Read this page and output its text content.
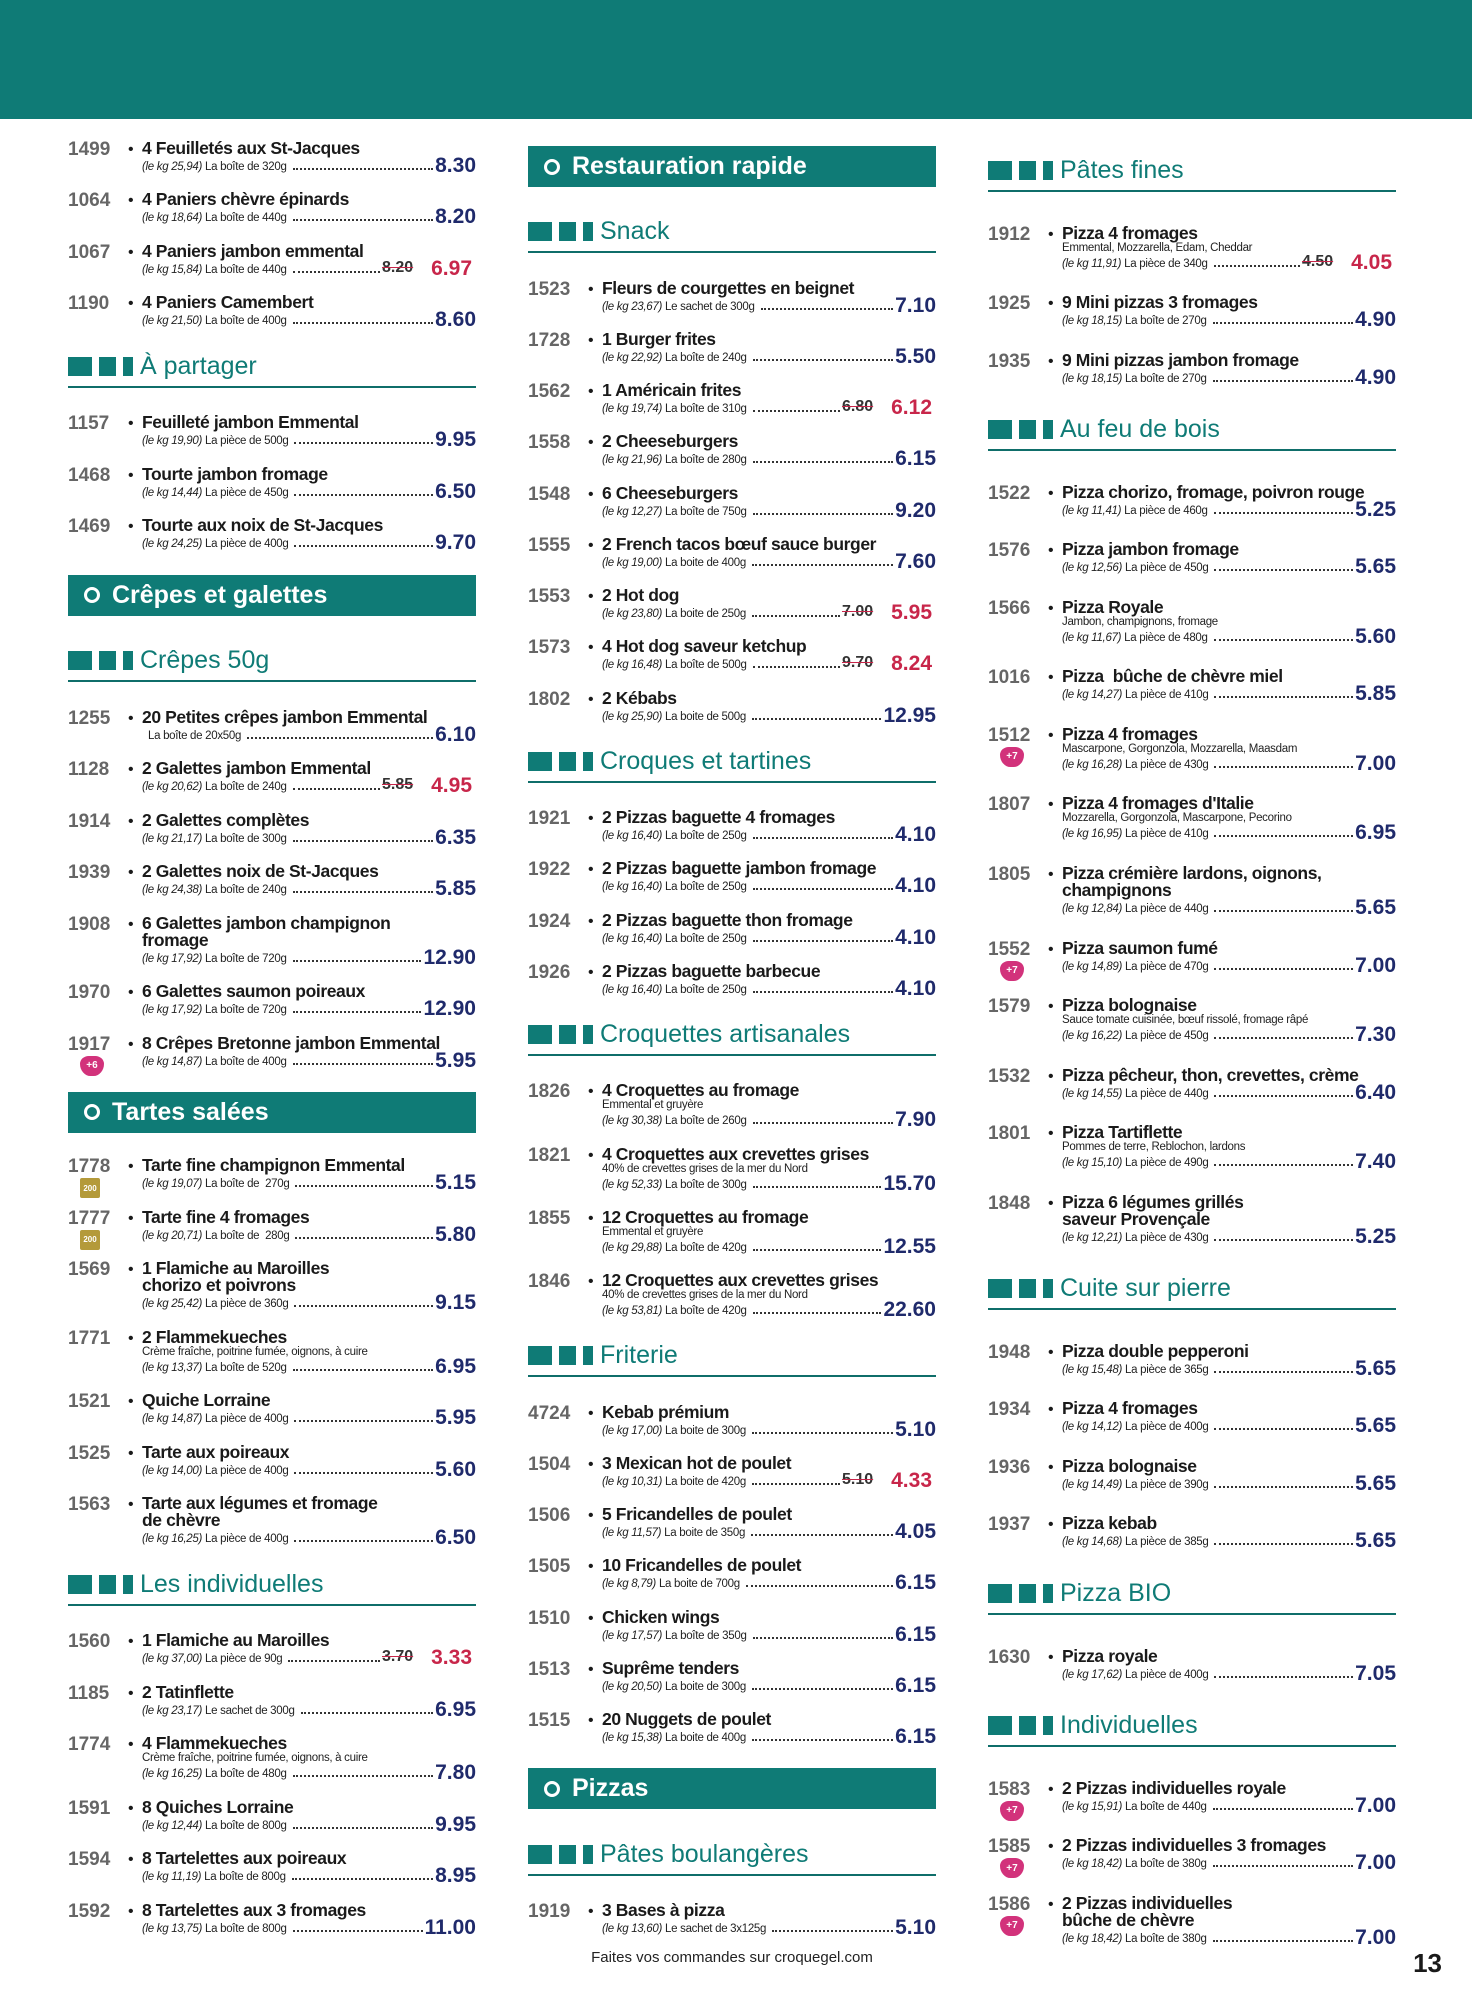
1499	• 4 Feuilletés aux St-Jacques
(le kg 25,94) La boîte de 320g	8.30
1064	• 4 Paniers chèvre épinards
(le kg 18,64) La boîte de 440g	8.20
1067	• 4 Paniers jambon emmental
(le kg 15,84) La boîte de 440g	8.20 6.97
1190	• 4 Paniers Camembert
(le kg 21,50) La boîte de 400g	8.60
À partager
1157	• Feuilleté jambon Emmental
(le kg 19,90) La pièce de 500g	9.95
1468	• Tourte jambon fromage
(le kg 14,44) La pièce de 450g	6.50
1469	• Tourte aux noix de St-Jacques
(le kg 24,25) La pièce de 400g	9.70
Crêpes et galettes
Crêpes 50g
1255	• 20 Petites crêpes jambon Emmental
La boîte de 20x50g	6.10
1128	• 2 Galettes jambon Emmental
(le kg 20,62) La boîte de 240g	5.85 4.95
1914	• 2 Galettes complètes
(le kg 21,17) La boîte de 300g	6.35
1939	• 2 Galettes noix de St-Jacques
(le kg 24,38) La boîte de 240g	5.85
1908	• 6 Galettes jambon champignon
fromage
(le kg 17,92) La boîte de 720g	12.90
1970	• 6 Galettes saumon poireaux
(le kg 17,92) La boîte de 720g	12.90
1917	•
+6
8 Crêpes Bretonne jambon Emmental
(le kg 14,87) La boîte de 400g	5.95
Tartes salées
1778	•
200
Tarte fine champignon Emmental
(le kg 19,07) La boîte de  270g	5.15
1777	•
200
Tarte fine 4 fromages
(le kg 20,71) La boîte de  280g	5.80
1569	• 1 Flamiche au Maroilles
chorizo et poivrons
(le kg 25,42) La pièce de 360g	9.15
1771	• 2 Flammekueches
Crème fraîche, poitrine fumée, oignons, à cuire
(le kg 13,37) La boîte de 520g	6.95
1521	• Quiche Lorraine
(le kg 14,87) La pièce de 400g	5.95
1525	• Tarte aux poireaux
(le kg 14,00) La pièce de 400g	5.60
1563	• Tarte aux légumes et fromage
de chèvre
(le kg 16,25) La pièce de 400g	6.50
Les individuelles
1560	• 1 Flamiche au Maroilles
(le kg 37,00) La pièce de 90g	3.70 3.33
1185	• 2 Tatinflette
(le kg 23,17) Le sachet de 300g	6.95
1774	• 4 Flammekueches
Crème fraîche, poitrine fumée, oignons, à cuire
(le kg 16,25) La boîte de 480g	7.80
1591	• 8 Quiches Lorraine
(le kg 12,44) La boîte de 800g	9.95
1594	• 8 Tartelettes aux poireaux
(le kg 11,19) La boîte de 800g	8.95
1592	• 8 Tartelettes aux 3 fromages
(le kg 13,75) La boîte de 800g	11.00
Restauration rapide
Snack
1523	• Fleurs de courgettes en beignet
(le kg 23,67) Le sachet de 300g	7.10
1728	• 1 Burger frites
(le kg 22,92) La boîte de 240g	5.50
1562	• 1 Américain frites
(le kg 19,74) La boîte de 310g	6.80 6.12
1558	• 2 Cheeseburgers
(le kg 21,96) La boîte de 280g	6.15
1548	• 6 Cheeseburgers
(le kg 12,27) La boîte de 750g	9.20
1555	• 2 French tacos bœuf sauce burger
(le kg 19,00) La boite de 400g	7.60
1553	• 2 Hot dog
(le kg 23,80) La boite de 250g	7.00 5.95
1573	• 4 Hot dog saveur ketchup
(le kg 16,48) La boîte de 500g	9.70 8.24
1802	• 2 Kébabs
(le kg 25,90) La boite de 500g	12.95
Croques et tartines
1921	• 2 Pizzas baguette 4 fromages
(le kg 16,40) La boîte de 250g	4.10
1922	• 2 Pizzas baguette jambon fromage
(le kg 16,40) La boîte de 250g	4.10
1924	• 2 Pizzas baguette thon fromage
(le kg 16,40) La boîte de 250g	4.10
1926	• 2 Pizzas baguette barbecue
(le kg 16,40) La boîte de 250g	4.10
Croquettes artisanales
1826	• 4 Croquettes au fromage
Emmental et gruyère
(le kg 30,38) La boîte de 260g	7.90
1821	• 4 Croquettes aux crevettes grises
40% de crevettes grises de la mer du Nord
(le kg 52,33) La boîte de 300g	15.70
1855	• 12 Croquettes au fromage
Emmental et gruyère
(le kg 29,88) La boîte de 420g	12.55
1846	• 12 Croquettes aux crevettes grises
40% de crevettes grises de la mer du Nord
(le kg 53,81) La boîte de 420g	22.60
Friterie
4724	• Kebab prémium
(le kg 17,00) La boite de 300g	5.10
1504	• 3 Mexican hot de poulet
(le kg 10,31) La boite de 420g	5.10 4.33
1506	• 5 Fricandelles de poulet
(le kg 11,57) La boite de 350g	4.05
1505	• 10 Fricandelles de poulet
(le kg 8,79) La boite de 700g	6.15
1510	• Chicken wings
(le kg 17,57) La boîte de 350g	6.15
1513	• Suprême tenders
(le kg 20,50) La boite de 300g	6.15
1515	• 20 Nuggets de poulet
(le kg 15,38) La boite de 400g	6.15
Pizzas
Pâtes boulangères
1919	• 3 Bases à pizza
(le kg 13,60) Le sachet de 3x125g	5.10
Pâtes fines
1912	• Pizza 4 fromages
Emmental, Mozzarella, Edam, Cheddar
(le kg 11,91) La pièce de 340g	4.50 4.05
1925	• 9 Mini pizzas 3 fromages
(le kg 18,15) La boîte de 270g	4.90
1935	• 9 Mini pizzas jambon fromage
(le kg 18,15) La boîte de 270g	4.90
Au feu de bois
1522	• Pizza chorizo, fromage, poivron rouge
(le kg 11,41) La pièce de 460g	5.25
1576	• Pizza jambon fromage
(le kg 12,56) La pièce de 450g	5.65
1566	• Pizza Royale
Jambon, champignons, fromage
(le kg 11,67) La pièce de 480g	5.60
1016	• Pizza  bûche de chèvre miel
(le kg 14,27) La pièce de 410g	5.85
1512	•
+7
Pizza 4 fromages
Mascarpone, Gorgonzola, Mozzarella, Maasdam
(le kg 16,28) La pièce de 430g	7.00
1807	• Pizza 4 fromages d'Italie
Mozzarella, Gorgonzola, Mascarpone, Pecorino
(le kg 16,95) La pièce de 410g	6.95
1805	• Pizza crémière lardons, oignons,
champignons
(le kg 12,84) La pièce de 440g	5.65
1552	•
+7
Pizza saumon fumé
(le kg 14,89) La pièce de 470g	7.00
1579	• Pizza bolognaise
Sauce tomate cuisinée, bœuf rissolé, fromage râpé
(le kg 16,22) La pièce de 450g	7.30
1532	• Pizza pêcheur, thon, crevettes, crème
(le kg 14,55) La pièce de 440g	6.40
1801	• Pizza Tartiflette
Pommes de terre, Reblochon, lardons
(le kg 15,10) La pièce de 490g	7.40
1848	• Pizza 6 légumes grillés
saveur Provençale
(le kg 12,21) La pièce de 430g	5.25
Cuite sur pierre
1948	• Pizza double pepperoni
(le kg 15,48) La pièce de 365g	5.65
1934	• Pizza 4 fromages
(le kg 14,12) La pièce de 400g	5.65
1936	• Pizza bolognaise
(le kg 14,49) La pièce de 390g	5.65
1937	• Pizza kebab
(le kg 14,68) La pièce de 385g	5.65
Pizza BIO
1630	• Pizza royale
(le kg 17,62) La pièce de 400g	7.05
Individuelles
1583	•
+7
2 Pizzas individuelles royale
(le kg 15,91) La boîte de 440g	7.00
1585	•
+7
2 Pizzas individuelles 3 fromages
(le kg 18,42) La boîte de 380g	7.00
1586	•
+7
2 Pizzas individuelles
bûche de chèvre
(le kg 18,42) La boîte de 380g	7.00
Faites vos commandes sur croquegel.com	13
